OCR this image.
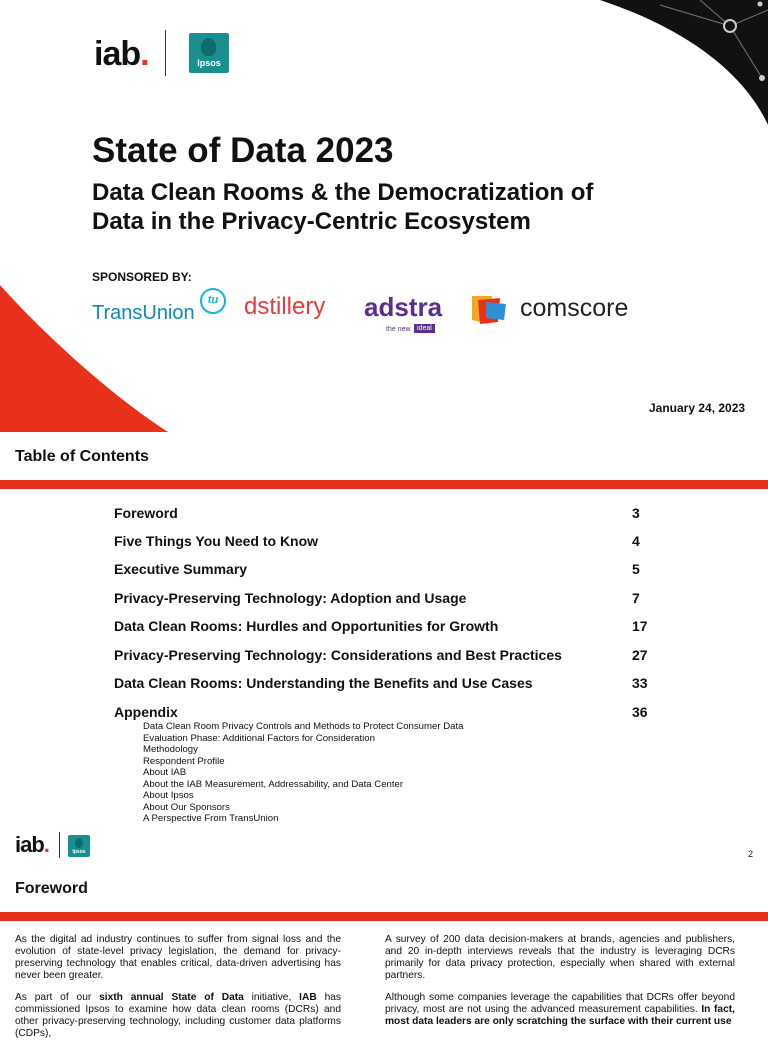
iab.	Ipsos
State of Data 2023
Data Clean Rooms & the Democratization of
Data in the Privacy-Centric Ecosystem
SPONSORED BY:
TransUnion
tu	dstillery adstra
the new ideal
comscore
January 24, 2023
Table of Contents
Foreword	3
Five Things You Need to Know	4
Executive Summary	5
Privacy-Preserving Technology: Adoption and Usage	7
Data Clean Rooms: Hurdles and Opportunities for Growth	17
Privacy-Preserving Technology: Considerations and Best Practices	27
Data Clean Rooms: Understanding the Benefits and Use Cases	33
Appendix	36
Data Clean Room Privacy Controls and Methods to Protect Consumer Data
Evaluation Phase: Additional Factors for Consideration
Methodology
Respondent Profile
About IAB
About the IAB Measurement, Addressability, and Data Center
About Ipsos
About Our Sponsors
A Perspective From TransUnion
iab.	Ipsos	2
Foreword

As the digital ad industry continues to suffer from signal loss and the evolution of state-level privacy legislation, the demand for privacy-preserving technology that enables critical, data-driven advertising has never been greater.

As part of our sixth annual State of Data initiative, IAB has commissioned Ipsos to examine how data clean rooms (DCRs) and other privacy-preserving technology, including customer data platforms (CDPs),

A survey of 200 data decision-makers at brands, agencies and publishers, and 20 in-depth interviews reveals that the industry is leveraging DCRs primarily for data privacy protection, especially when shared with external partners.

Although some companies leverage the capabilities that DCRs offer beyond privacy, most are not using the advanced measurement capabilities. In fact, most data leaders are only scratching the surface with their current use
